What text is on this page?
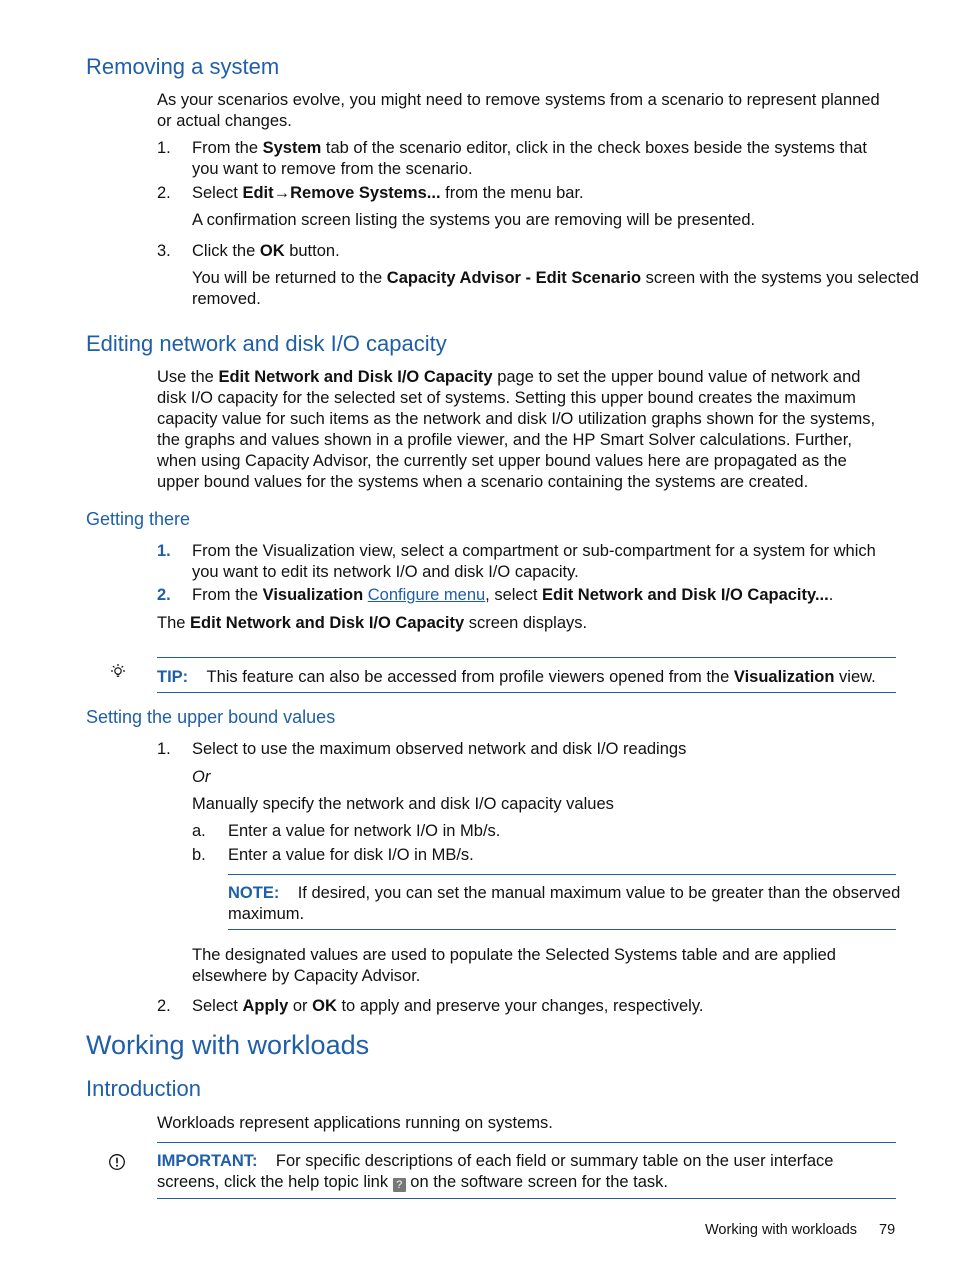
Removing a system

As your scenarios evolve, you might need to remove systems from a scenario to represent planned
or actual changes.

1. From the System tab of the scenario editor, click in the check boxes beside the systems that
you want to remove from the scenario.

2. Select Edit→Remove Systems... from the menu bar.

A confirmation screen listing the systems you are removing will be presented.

3. Click the OK button.

You will be returned to the Capacity Advisor - Edit Scenario screen with the systems you selected
removed.

Editing network and disk I/O capacity

Use the Edit Network and Disk I/O Capacity page to set the upper bound value of network and
disk I/O capacity for the selected set of systems. Setting this upper bound creates the maximum
capacity value for such items as the network and disk I/O utilization graphs shown for the systems,
the graphs and values shown in a profile viewer, and the HP Smart Solver calculations. Further,
when using Capacity Advisor, the currently set upper bound values here are propagated as the
upper bound values for the systems when a scenario containing the systems are created.

Getting there
1. From the Visualization view, select a compartment or sub-compartment for a system for which
you want to edit its network I/O and disk I/O capacity.

2. From the Visualization Configure menu, select Edit Network and Disk I/O Capacity....

The Edit Network and Disk I/O Capacity screen displays.

TIP: This feature can also be accessed from profile viewers opened from the Visualization view.

Setting the upper bound values
1. Select to use the maximum observed network and disk I/O readings

Or

Manually specify the network and disk I/O capacity values

a. Enter a value for network I/O in Mb/s.

b. Enter a value for disk I/O in MB/s.

NOTE: If desired, you can set the manual maximum value to be greater than the observed
maximum.

The designated values are used to populate the Selected Systems table and are applied
elsewhere by Capacity Advisor.

2. Select Apply or OK to apply and preserve your changes, respectively.

Working with workloads
Introduction

Workloads represent applications running on systems.

IMPORTANT: For specific descriptions of each field or summary table on the user interface
screens, click the help topic link ? on the software screen for the task.

Working with workloads 79
